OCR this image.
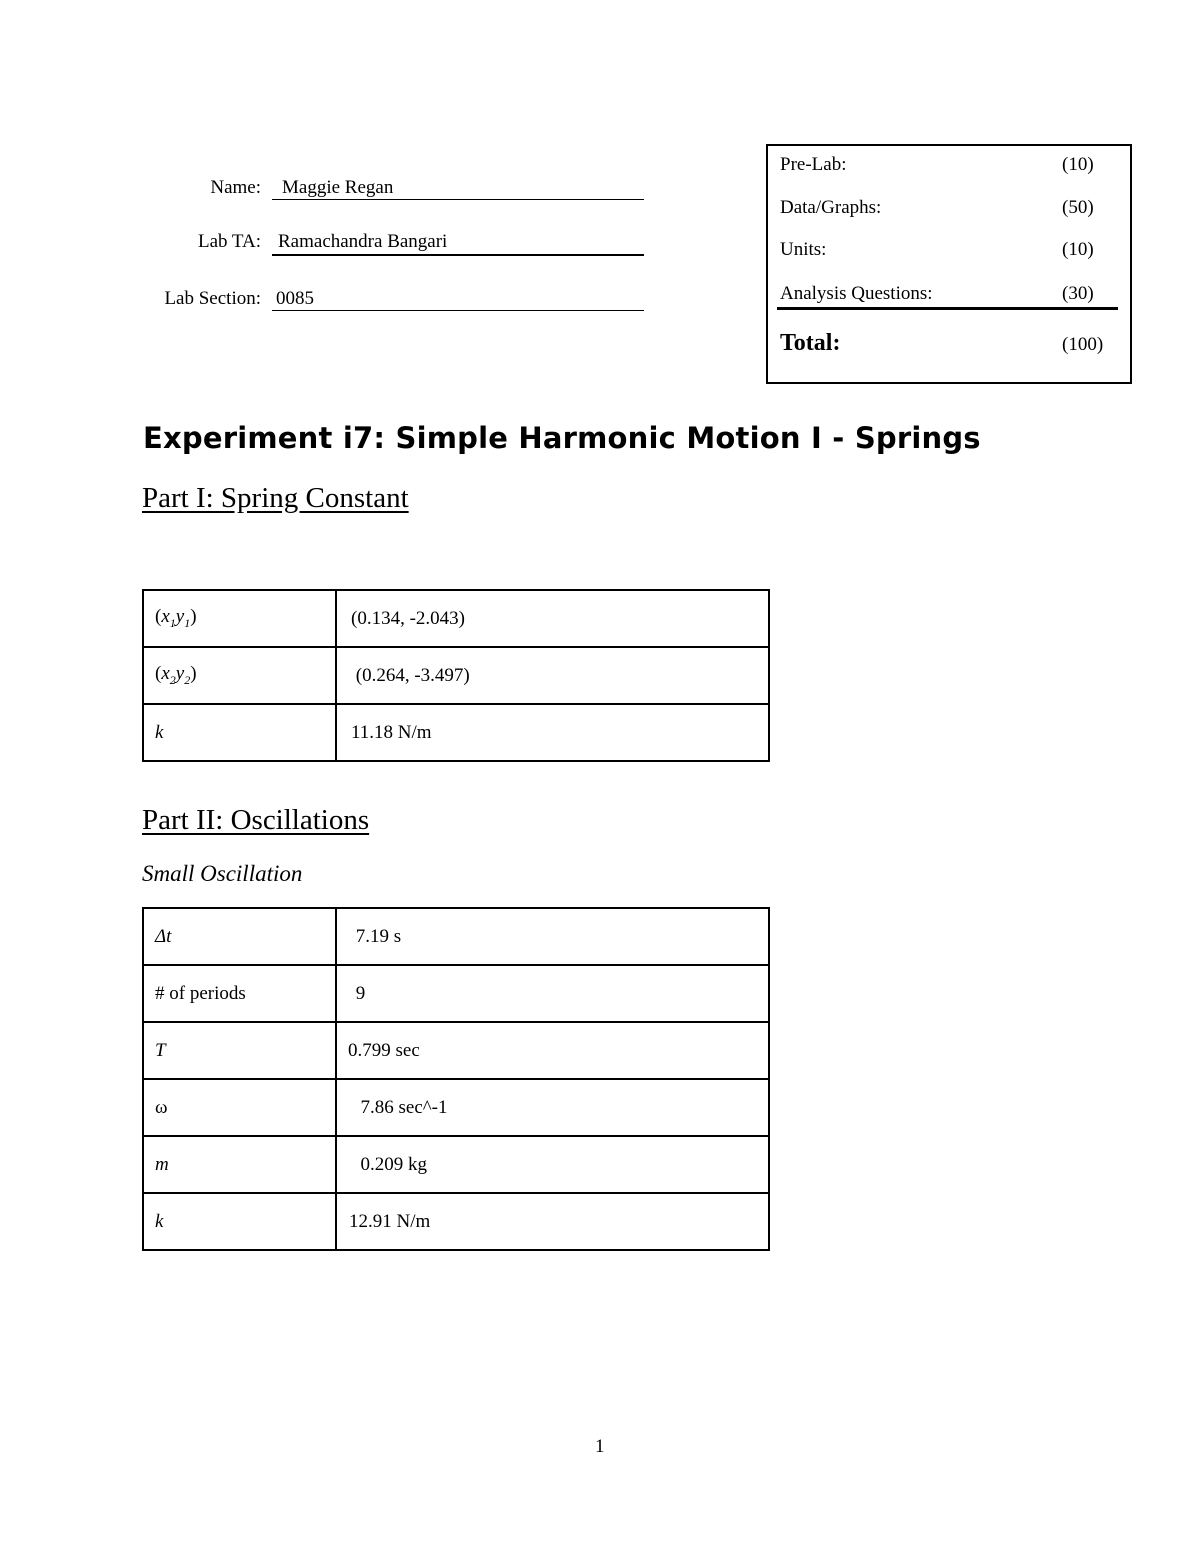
Name:	Maggie Regan
Lab TA: Ramachandra Bangari
Lab Section: 0085
Pre-Lab:	(10)
Data/Graphs:	(50)
Units:	(10)
Analysis Questions:	(30)
Total:	(100)
Experiment i7: Simple Harmonic Motion I - Springs
Part I: Spring Constant
$(x_1y_1)$	(0.134, -2.043)
$(x_2y_2)$	(0.264, -3.497)
k	11.18 N/m
Part II: Oscillations
Small Oscillation
Δt	7.19 s
# of periods	9
T	0.799 sec
ω	7.86 sec^-1
m	0.209 kg
k	12.91 N/m
1
